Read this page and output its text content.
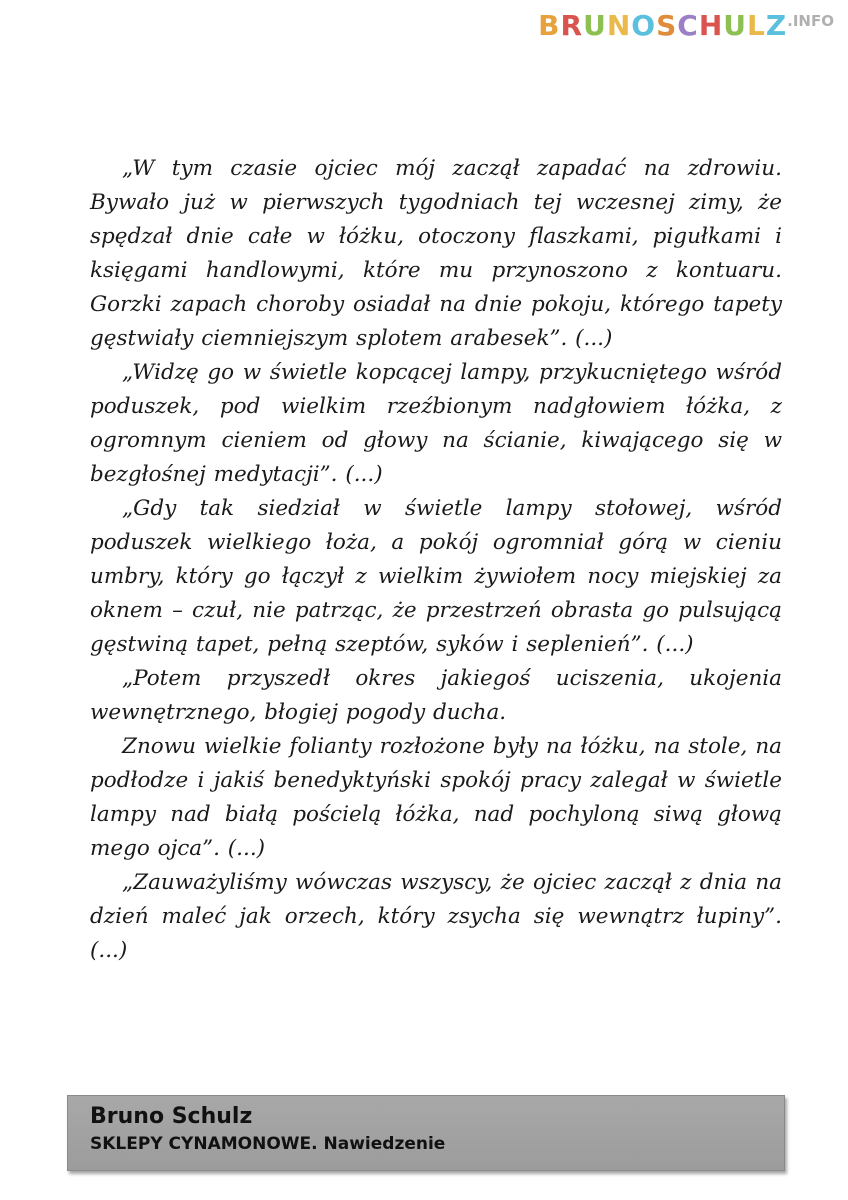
$BRUNOSCHULZ^{.INFO}$

„W tym czasie ojciec mój zaczął zapadać na zdrowiu. Bywało już w pierwszych tygodniach tej wczesnej zimy, że spędzał dnie całe w łóżku, otoczony flaszkami, pigułkami i księgami handlowymi, które mu przynoszono z kontuaru. Gorzki zapach choroby osiadał na dnie pokoju, którego tapety gęstwiały ciemniejszym splotem arabesek”. (...)

„Widzę go w świetle kopcącej lampy, przykucniętego wśród poduszek, pod wielkim rzeźbionym nadgłowiem łóżka, z ogromnym cieniem od głowy na ścianie, kiwającego się w bezgłośnej medytacji”. (...)

„Gdy tak siedział w świetle lampy stołowej, wśród poduszek wielkiego łoża, a pokój ogromniał górą w cieniu umbry, który go łączył z wielkim żywiołem nocy miejskiej za oknem – czuł, nie patrząc, że przestrzeń obrasta go pulsującą gęstwiną tapet, pełną szeptów, syków i seplenień”. (...)

„Potem przyszedł okres jakiegoś uciszenia, ukojenia wewnętrznego, błogiej pogody ducha.

Znowu wielkie folianty rozłożone były na łóżku, na stole, na podłodze i jakiś benedyktyński spokój pracy zalegał w świetle lampy nad białą pościelą łóżka, nad pochyloną siwą głową mego ojca”. (...)

„Zauważyliśmy wówczas wszyscy, że ojciec zaczął z dnia na dzień maleć jak orzech, który zsycha się wewnątrz łupiny”. (...)

Bruno Schulz
SKLEPY CYNAMONOWE. Nawiedzenie
